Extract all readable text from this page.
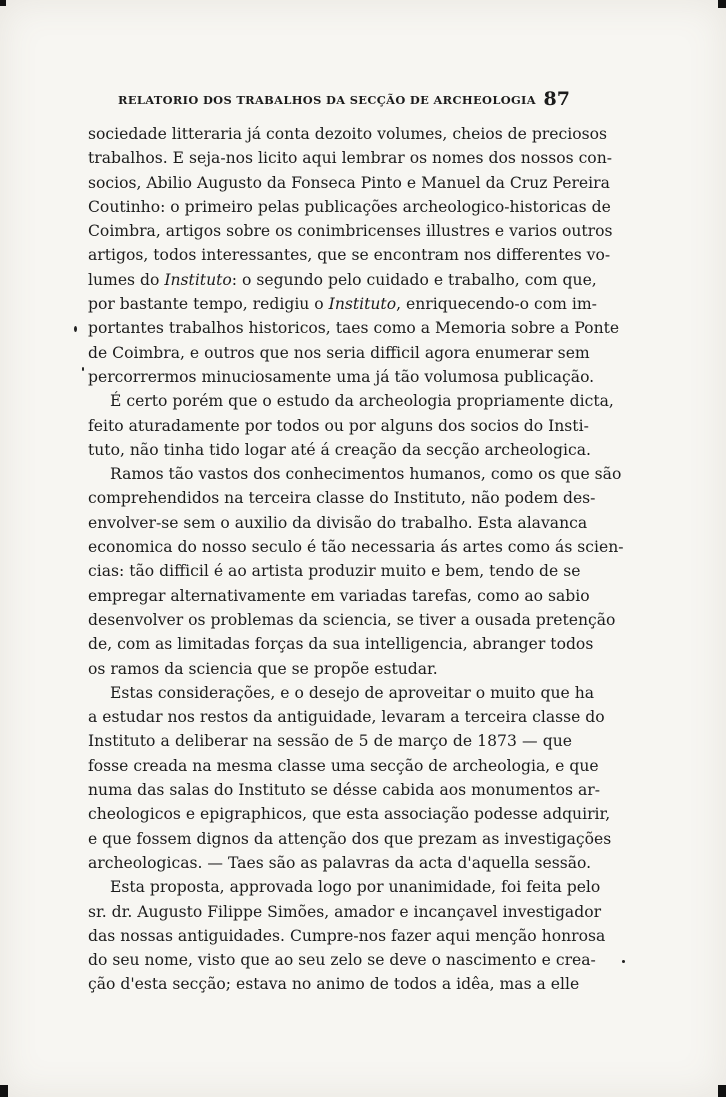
RELATORIO DOS TRABALHOS DA SECÇÃO DE ARCHEOLOGIA 87
sociedade litteraria já conta dezoito volumes, cheios de preciosos
trabalhos. E seja-nos licito aqui lembrar os nomes dos nossos con-
socios, Abilio Augusto da Fonseca Pinto e Manuel da Cruz Pereira
Coutinho: o primeiro pelas publicações archeologico-historicas de
Coimbra, artigos sobre os conimbricenses illustres e varios outros
artigos, todos interessantes, que se encontram nos differentes vo-
lumes do Instituto: o segundo pelo cuidado e trabalho, com que,
por bastante tempo, redigiu o Instituto, enriquecendo-o com im-
portantes trabalhos historicos, taes como a Memoria sobre a Ponte
de Coimbra, e outros que nos seria difficil agora enumerar sem
percorrermos minuciosamente uma já tão volumosa publicação.
É certo porém que o estudo da archeologia propriamente dicta,
feito aturadamente por todos ou por alguns dos socios do Insti-
tuto, não tinha tido logar até á creação da secção archeologica.
Ramos tão vastos dos conhecimentos humanos, como os que são
comprehendidos na terceira classe do Instituto, não podem des-
envolver-se sem o auxilio da divisão do trabalho. Esta alavanca
economica do nosso seculo é tão necessaria ás artes como ás scien-
cias: tão difficil é ao artista produzir muito e bem, tendo de se
empregar alternativamente em variadas tarefas, como ao sabio
desenvolver os problemas da sciencia, se tiver a ousada pretenção
de, com as limitadas forças da sua intelligencia, abranger todos
os ramos da sciencia que se propõe estudar.
Estas considerações, e o desejo de aproveitar o muito que ha
a estudar nos restos da antiguidade, levaram a terceira classe do
Instituto a deliberar na sessão de 5 de março de 1873 — que
fosse creada na mesma classe uma secção de archeologia, e que
numa das salas do Instituto se désse cabida aos monumentos ar-
cheologicos e epigraphicos, que esta associação podesse adquirir,
e que fossem dignos da attenção dos que prezam as investigações
archeologicas. — Taes são as palavras da acta d'aquella sessão.
Esta proposta, approvada logo por unanimidade, foi feita pelo
sr. dr. Augusto Filippe Simões, amador e incançavel investigador
das nossas antiguidades. Cumpre-nos fazer aqui menção honrosa
do seu nome, visto que ao seu zelo se deve o nascimento e crea-
ção d'esta secção; estava no animo de todos a idêa, mas a elle
